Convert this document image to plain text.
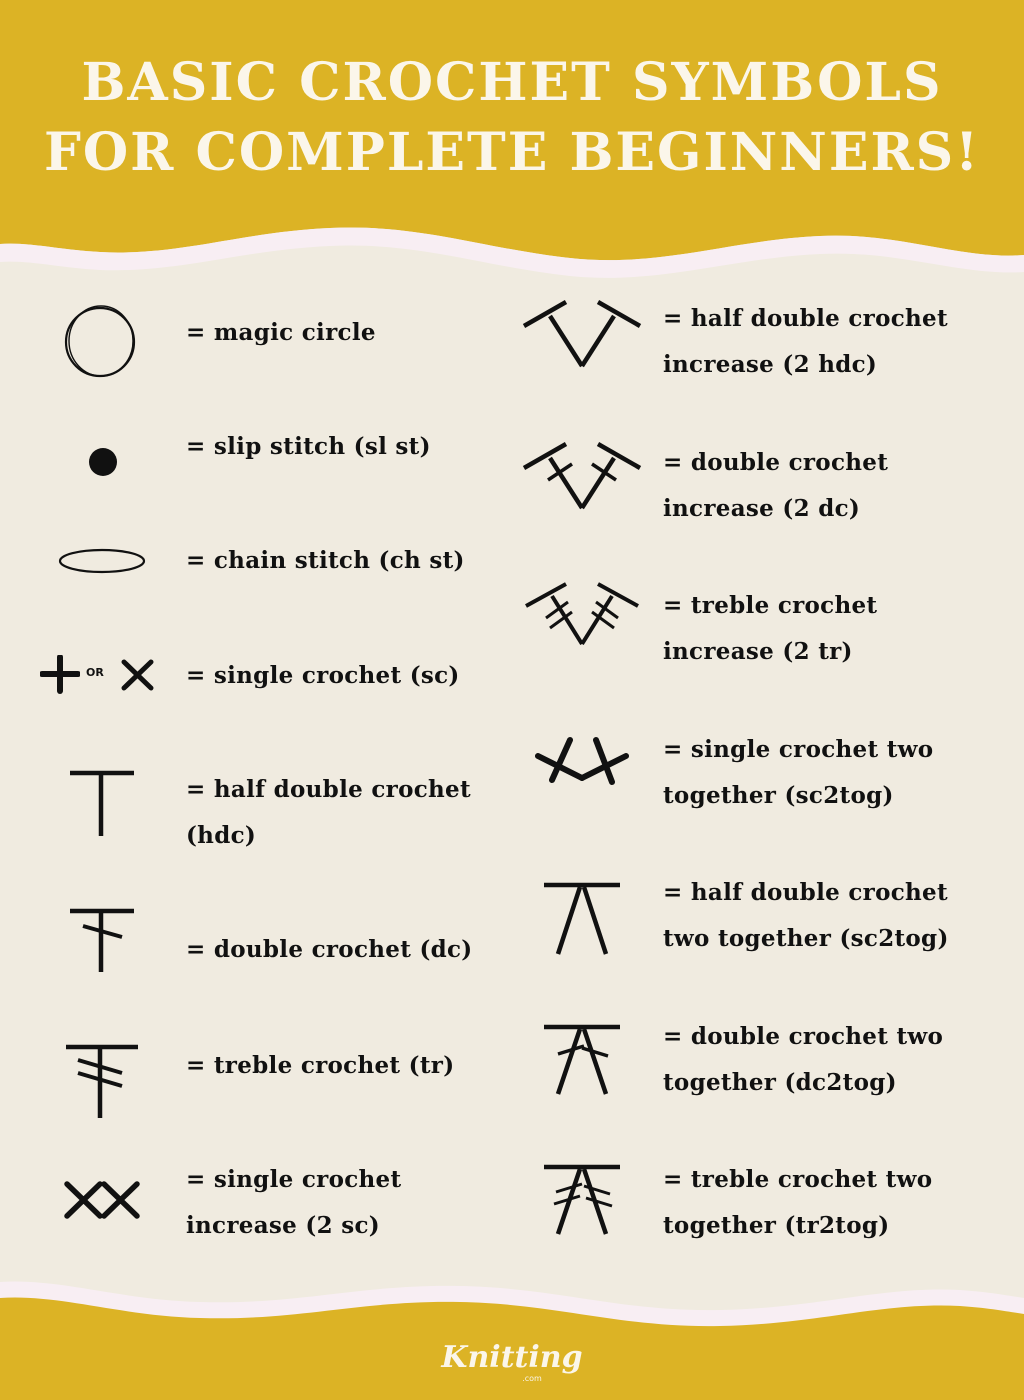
BASIC CROCHET SYMBOLS
FOR COMPLETE BEGINNERS!
OR
= magic circle
= slip stitch (sl st)
= chain stitch (ch st)
= single crochet (sc)
= half double crochet
(hdc)
= double crochet (dc)
= treble crochet (tr)
= single crochet
increase (2 sc)
= half double crochet
increase (2 hdc)
= double crochet
increase (2 dc)
= treble crochet
increase (2 tr)
= single crochet two
together (sc2tog)
= half double crochet
two together (sc2tog)
= double crochet two
together (dc2tog)
= treble crochet two
together (tr2tog)
Knitting
.com
